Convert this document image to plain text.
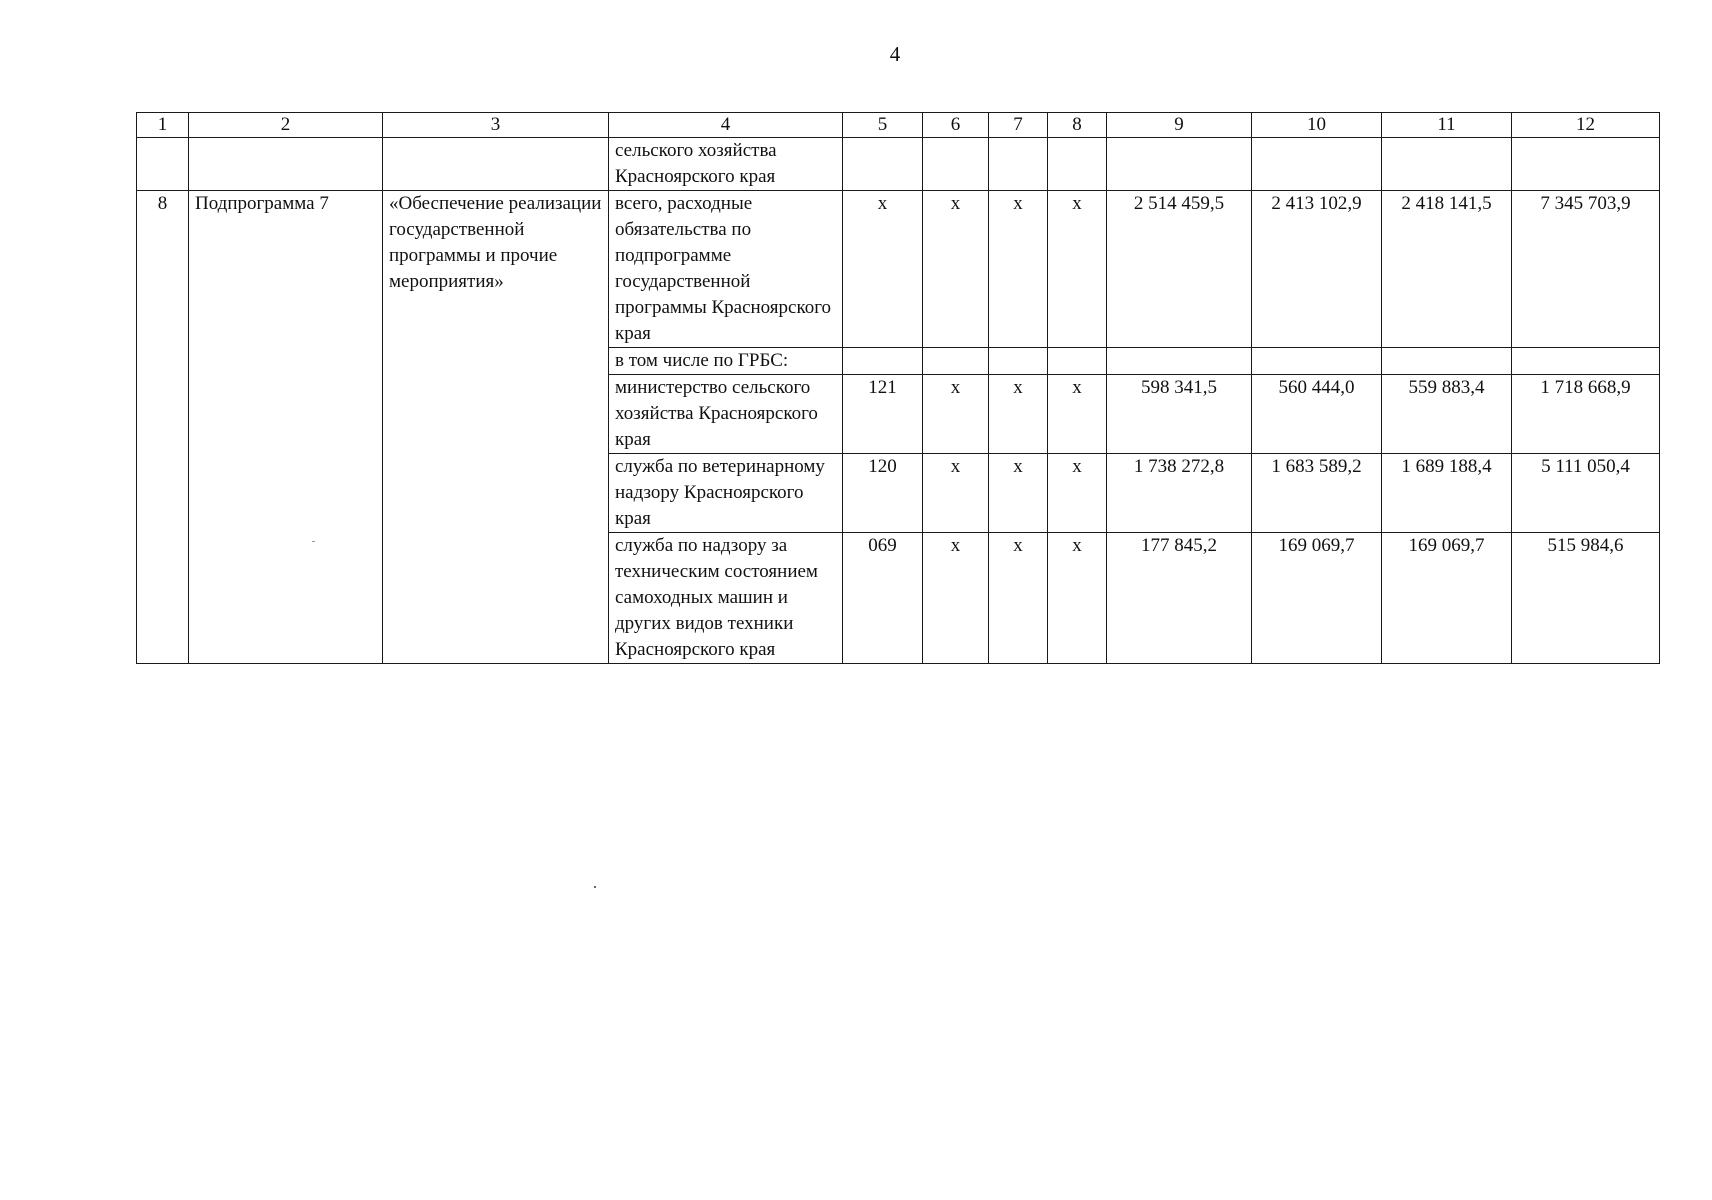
4
1	2	3	4	5	6	7	8	9	10	11	12
			сельского хозяйства Красноярского края								
8	Подпрограмма 7	«Обеспечение реализации государственной программы и прочие мероприятия»	всего, расходные обязательства по подпрограмме государственной программы Красноярского края	х	х	х	х	2 514 459,5	2 413 102,9	2 418 141,5	7 345 703,9
			в том числе по ГРБС:								
			министерство сельского хозяйства Красноярского края	121	х	х	х	598 341,5	560 444,0	559 883,4	1 718 668,9
			служба по ветеринарному надзору Красноярского края	120	х	х	х	1 738 272,8	1 683 589,2	1 689 188,4	5 111 050,4
			служба по надзору за техническим состоянием самоходных машин и других видов техники Красноярского края	069	х	х	х	177 845,2	169 069,7	169 069,7	515 984,6
